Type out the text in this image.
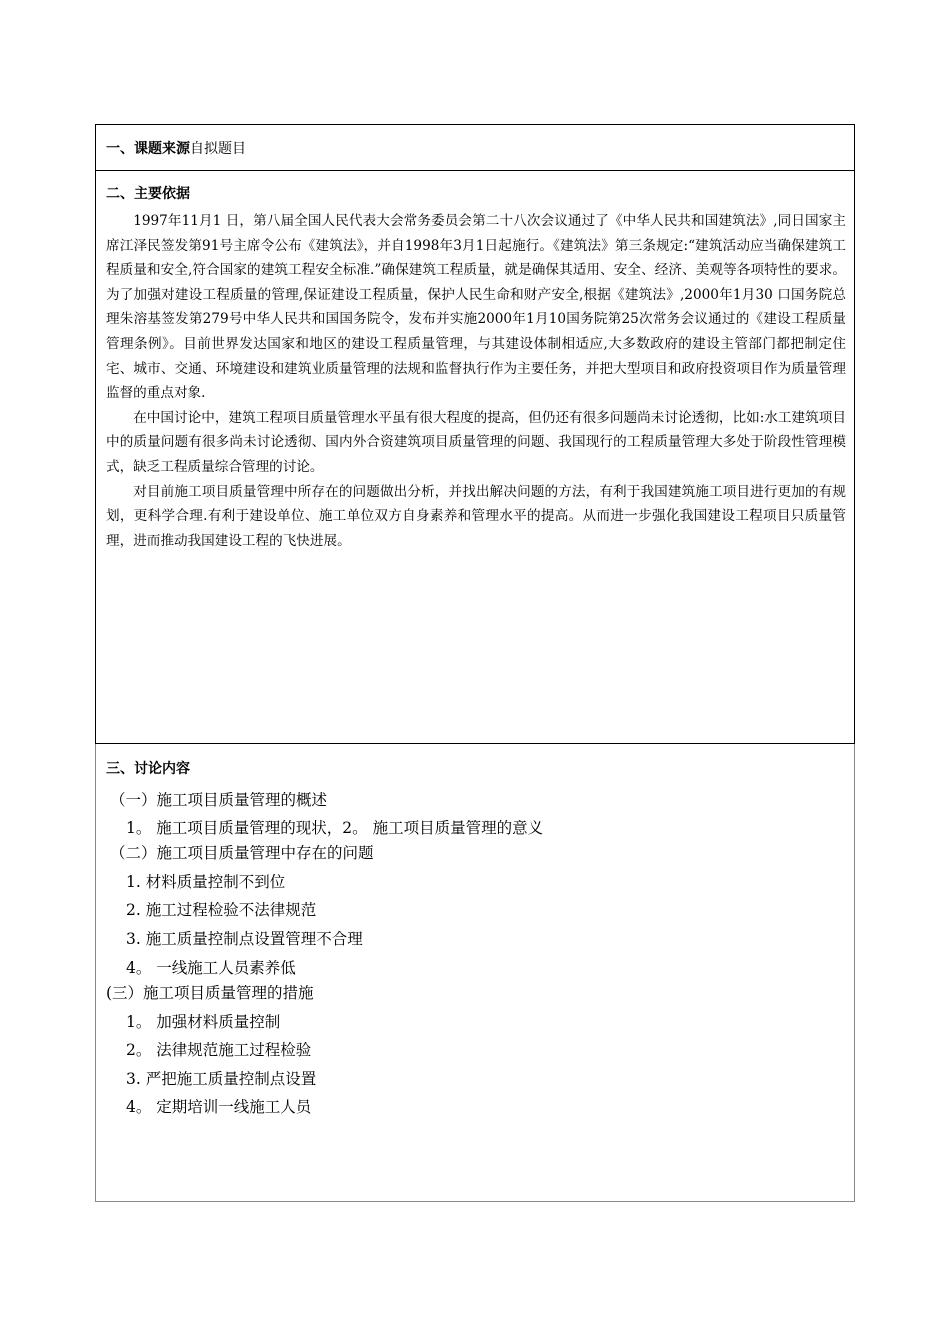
一、课题来源自拟题目
二、主要依据

1997年11月1 日，第八届全国人民代表大会常务委员会第二十八次会议通过了《中华人民共和国建筑法》,同日国家主席江泽民签发第91号主席令公布《建筑法》，并自1998年3月1日起施行。《建筑法》第三条规定:“建筑活动应当确保建筑工程质量和安全,符合国家的建筑工程安全标准.”确保建筑工程质量，就是确保其适用、安全、经济、美观等各项特性的要求。为了加强对建设工程质量的管理,保证建设工程质量，保护人民生命和财产安全,根据《建筑法》,2000年1月30 口国务院总理朱溶基签发第279号中华人民共和国国务院令，发布并实施2000年1月10国务院第25次常务会议通过的《建设工程质量管理条例》。目前世界发达国家和地区的建设工程质量管理，与其建设体制相适应,大多数政府的建设主管部门都把制定住宅、城市、交通、环境建设和建筑业质量管理的法规和监督执行作为主要任务，并把大型项目和政府投资项目作为质量管理监督的重点对象.

在中国讨论中，建筑工程项目质量管理水平虽有很大程度的提高，但仍还有很多问题尚未讨论透彻，比如:水工建筑项目中的质量问题有很多尚未讨论透彻、国内外合资建筑项目质量管理的问题、我国现行的工程质量管理大多处于阶段性管理模式，缺乏工程质量综合管理的讨论。

对目前施工项目质量管理中所存在的问题做出分析，并找出解决问题的方法，有利于我国建筑施工项目进行更加的有规划，更科学合理.有利于建设单位、施工单位双方自身素养和管理水平的提高。从而进一步强化我国建设工程项目只质量管理，进而推动我国建设工程的飞快进展。

三、讨论内容
（一）施工项目质量管理的概述
1。 施工项目质量管理的现状，2。 施工项目质量管理的意义
（二）施工项目质量管理中存在的问题
1. 材料质量控制不到位
2. 施工过程检验不法律规范
3. 施工质量控制点设置管理不合理
4。 一线施工人员素养低
(三）施工项目质量管理的措施
1。 加强材料质量控制
2。 法律规范施工过程检验
3. 严把施工质量控制点设置
4。 定期培训一线施工人员
